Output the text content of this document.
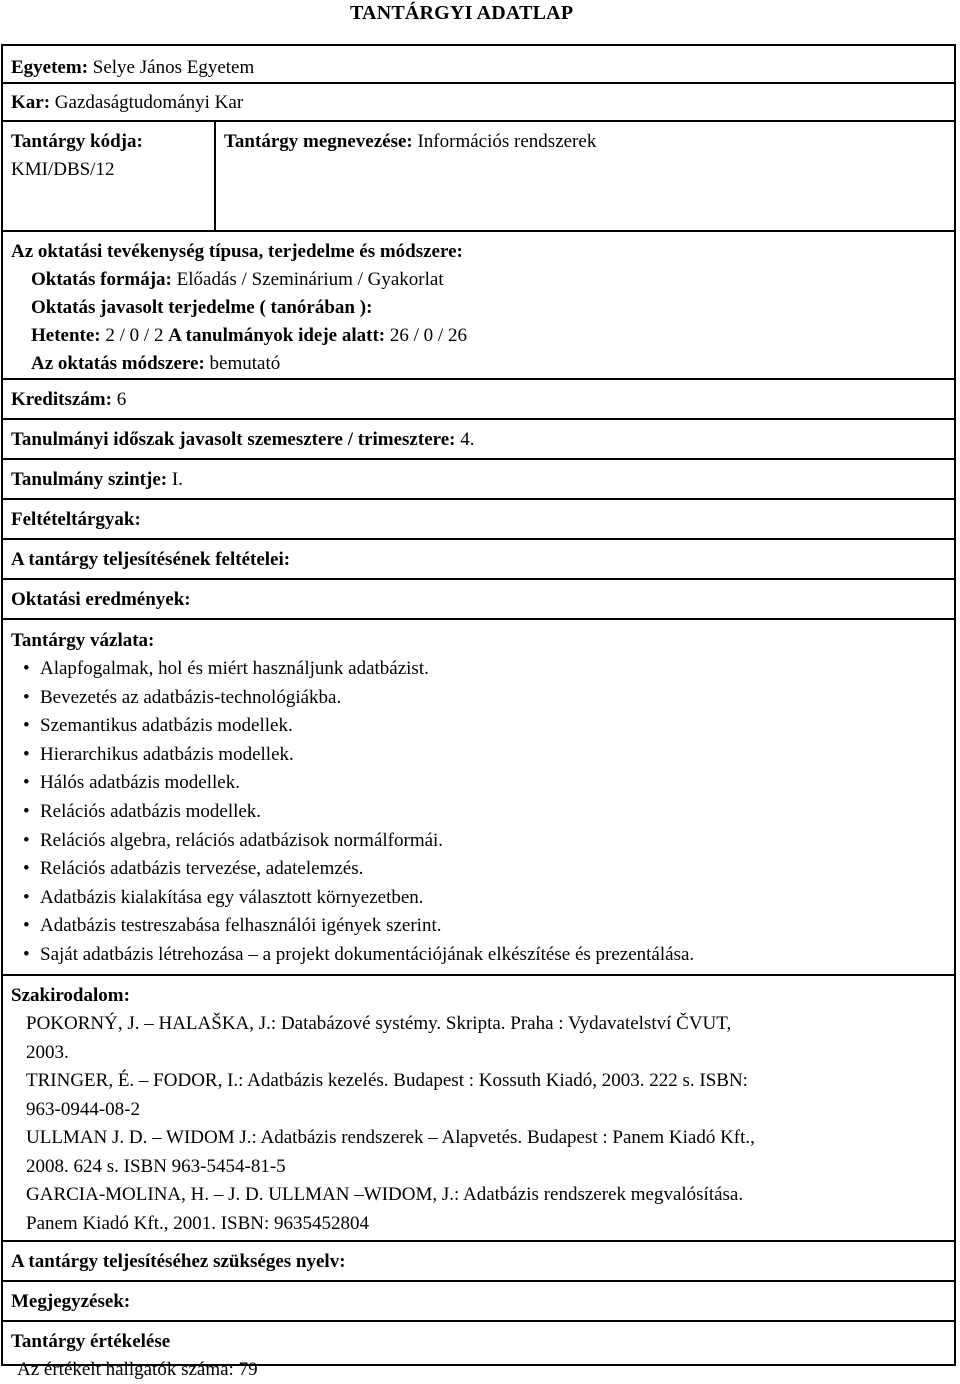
TANTÁRGYI ADATLAP
Egyetem: Selye János Egyetem
Kar: Gazdaságtudományi Kar
Tantárgy kódja:
KMI/DBS/12
Tantárgy megnevezése: Információs rendszerek
Az oktatási tevékenység típusa, terjedelme és módszere:
Oktatás formája: Előadás / Szeminárium / Gyakorlat
Oktatás javasolt terjedelme ( tanórában ):
Hetente: 2 / 0 / 2 A tanulmányok ideje alatt: 26 / 0 / 26
Az oktatás módszere: bemutató
Kreditszám: 6
Tanulmányi időszak javasolt szemesztere / trimesztere: 4.
Tanulmány szintje: I.
Feltételtárgyak:
A tantárgy teljesítésének feltételei:
Oktatási eredmények:
Tantárgy vázlata:
• Alapfogalmak, hol és miért használjunk adatbázist.
• Bevezetés az adatbázis-technológiákba.
• Szemantikus adatbázis modellek.
• Hierarchikus adatbázis modellek.
• Hálós adatbázis modellek.
• Relációs adatbázis modellek.
• Relációs algebra, relációs adatbázisok normálformái.
• Relációs adatbázis tervezése, adatelemzés.
• Adatbázis kialakítása egy választott környezetben.
• Adatbázis testreszabása felhasználói igények szerint.
• Saját adatbázis létrehozása – a projekt dokumentációjának elkészítése és prezentálása.
Szakirodalom:
POKORNÝ, J. – HALAŠKA, J.: Databázové systémy. Skripta. Praha : Vydavatelství ČVUT,
2003.
TRINGER, É. – FODOR, I.: Adatbázis kezelés. Budapest : Kossuth Kiadó, 2003. 222 s. ISBN:
963-0944-08-2
ULLMAN J. D. – WIDOM J.: Adatbázis rendszerek – Alapvetés. Budapest : Panem Kiadó Kft.,
2008. 624 s. ISBN 963-5454-81-5
GARCIA-MOLINA, H. – J. D. ULLMAN –WIDOM, J.: Adatbázis rendszerek megvalósítása.
Panem Kiadó Kft., 2001. ISBN: 9635452804
A tantárgy teljesítéséhez szükséges nyelv:
Megjegyzések:
Tantárgy értékelése
Az értékelt hallgatók száma: 79
